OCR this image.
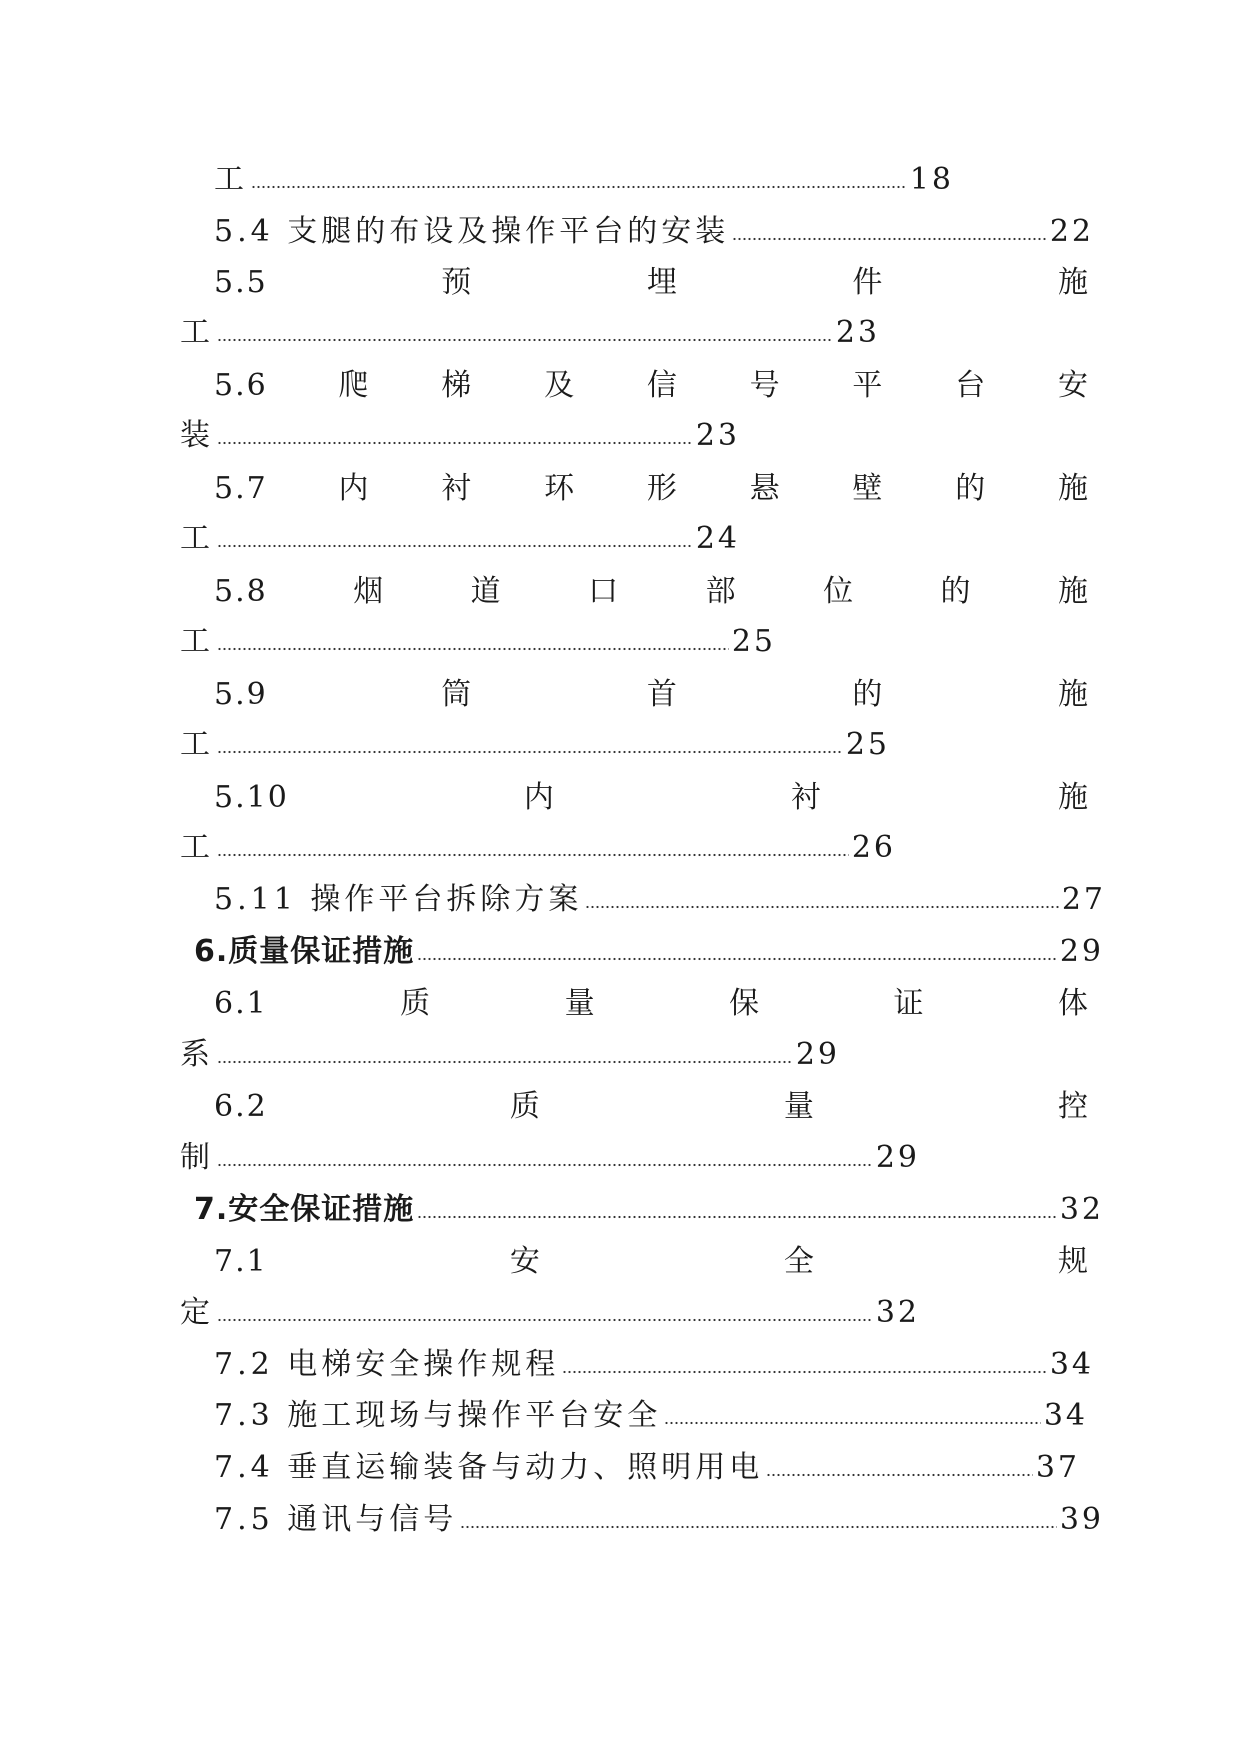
工	18
5.4 支腿的布设及操作平台的安装	22
5.5	预	埋	件	施
工	23
5.6 爬 梯 及 信 号 平 台 安
装	23
5.7 内 衬 环 形 悬 壁 的 施
工	24
5.8	烟	道	口	部	位	的	施
工	25
5.9	筒	首	的	施
工	25
5.10	内	衬	施
工	26
5.11 操作平台拆除方案	27
6.质量保证措施	29
6.1	质	量	保	证	体
系	29
6.2	质	量	控
制	29
7.安全保证措施	32
7.1	安	全	规
定	32
7.2 电梯安全操作规程	34
7.3 施工现场与操作平台安全	34
7.4 垂直运输装备与动力、照明用电	37
7.5 通讯与信号	39
